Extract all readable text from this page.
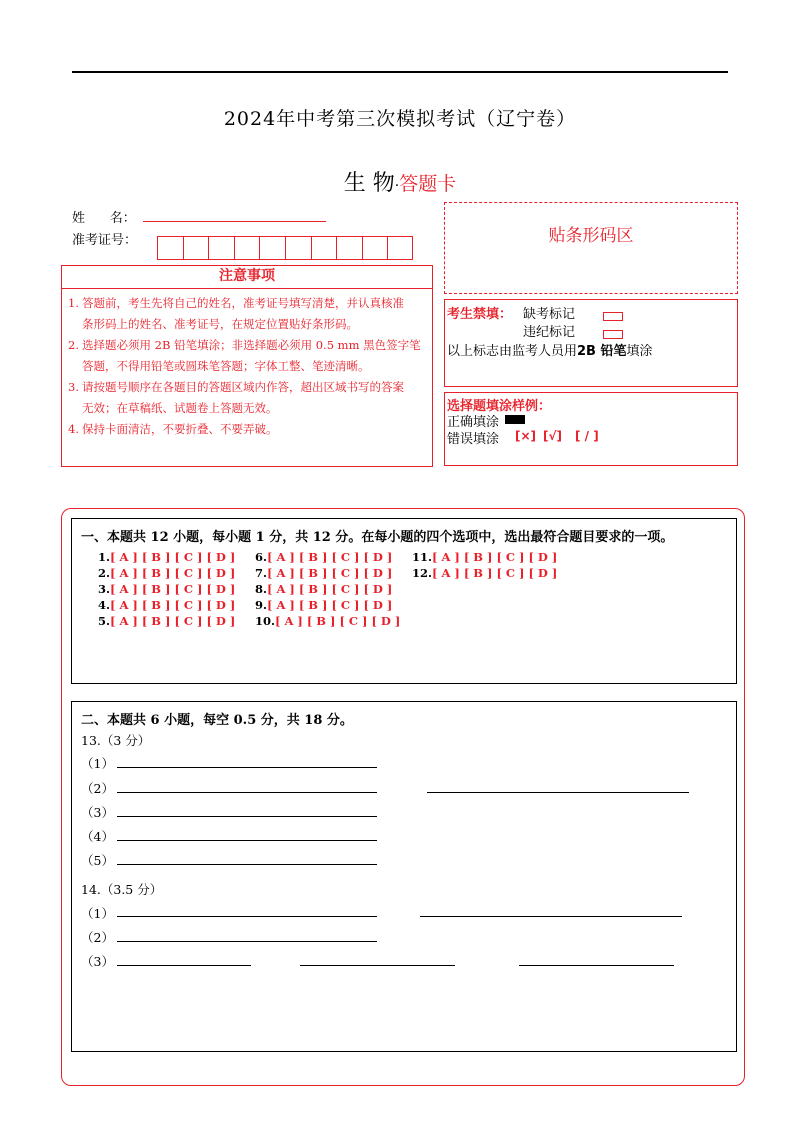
2024年中考第三次模拟考试（辽宁卷）
生 物·答题卡
姓      名：
准考证号：
注意事项
1. 答题前，考生先将自己的姓名，准考证号填写清楚，并认真核准
条形码上的姓名、准考证号，在规定位置贴好条形码。
2. 选择题必须用 2B 铅笔填涂；非选择题必须用 0.5 mm 黑色签字笔
答题，不得用铅笔或圆珠笔答题；字体工整、笔迹清晰。
3. 请按题号顺序在各题目的答题区域内作答，超出区域书写的答案
无效；在草稿纸、试题卷上答题无效。
4. 保持卡面清洁，不要折叠、不要弄破。
贴条形码区
考生禁填： 缺考标记
违纪标记
以上标志由监考人员用2B 铅笔填涂
选择题填涂样例：
正确填涂
错误填涂 [×] [√] [ / ]
一、本题共 12 小题，每小题 1 分，共 12 分。在每小题的四个选项中，选出最符合题目要求的一项。
1.[ A ] [ B ] [ C ] [ D ]
2.[ A ] [ B ] [ C ] [ D ]
3.[ A ] [ B ] [ C ] [ D ]
4.[ A ] [ B ] [ C ] [ D ]
5.[ A ] [ B ] [ C ] [ D ]
6.[ A ] [ B ] [ C ] [ D ]
7.[ A ] [ B ] [ C ] [ D ]
8.[ A ] [ B ] [ C ] [ D ]
9.[ A ] [ B ] [ C ] [ D ]
10.[ A ] [ B ] [ C ] [ D ]
11.[ A ] [ B ] [ C ] [ D ]
12.[ A ] [ B ] [ C ] [ D ]
二、本题共 6 小题，每空 0.5 分，共 18 分。
13.（3 分）
（1）
（2）
（3）
（4）
（5）
14.（3.5 分）
（1）
（2）
（3）
